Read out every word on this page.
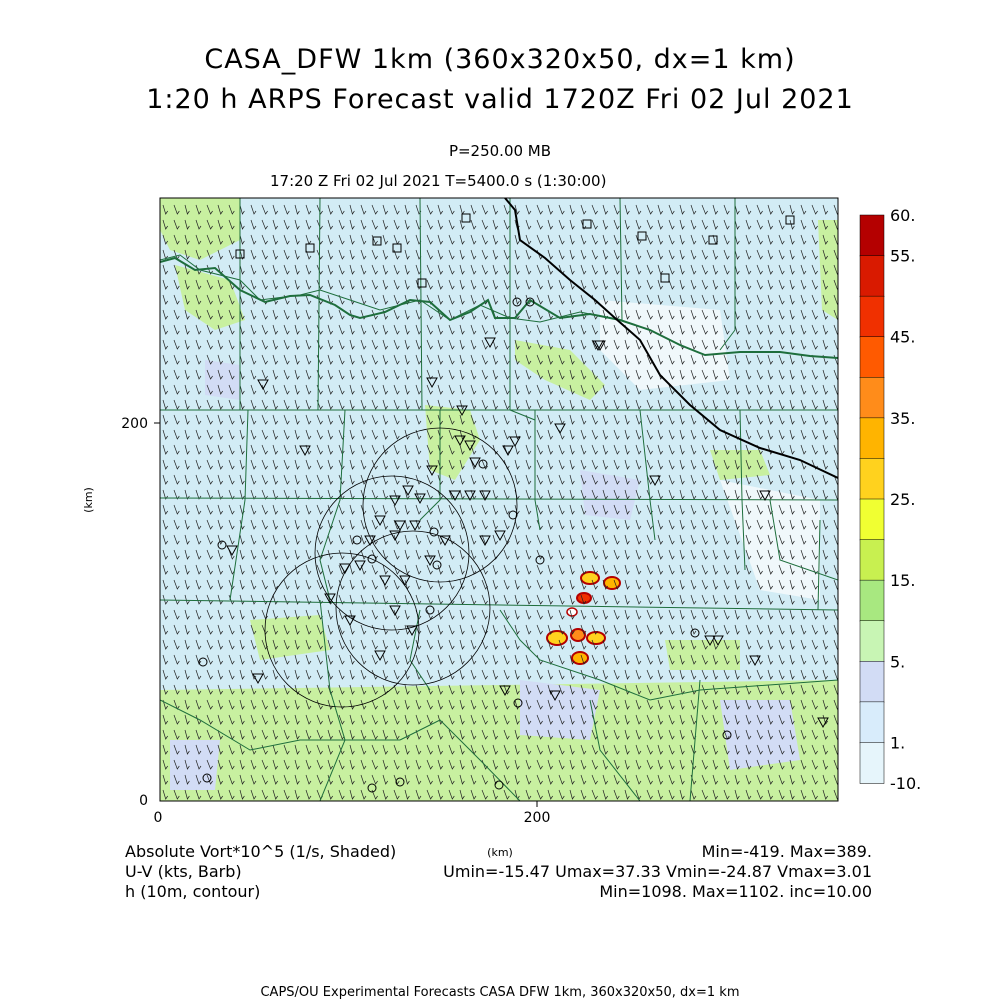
CASA_DFW 1km (360x320x50, dx=1 km)
1:20 h ARPS Forecast valid 1720Z Fri 02 Jul 2021
P=250.00 MB
17:20 Z Fri 02 Jul 2021 T=5400.0 s (1:30:00)
0
200
0	200
(km)
(km)
60.
55.
45.
35.
25.
15.
5.
1.
-10.
Absolute Vort*10^5 (1/s, Shaded)
U-V (kts, Barb)
h (10m, contour)
Min=-419. Max=389.
Umin=-15.47 Umax=37.33 Vmin=-24.87 Vmax=3.01
Min=1098. Max=1102. inc=10.00
CAPS/OU Experimental Forecasts CASA DFW 1km, 360x320x50, dx=1 km
